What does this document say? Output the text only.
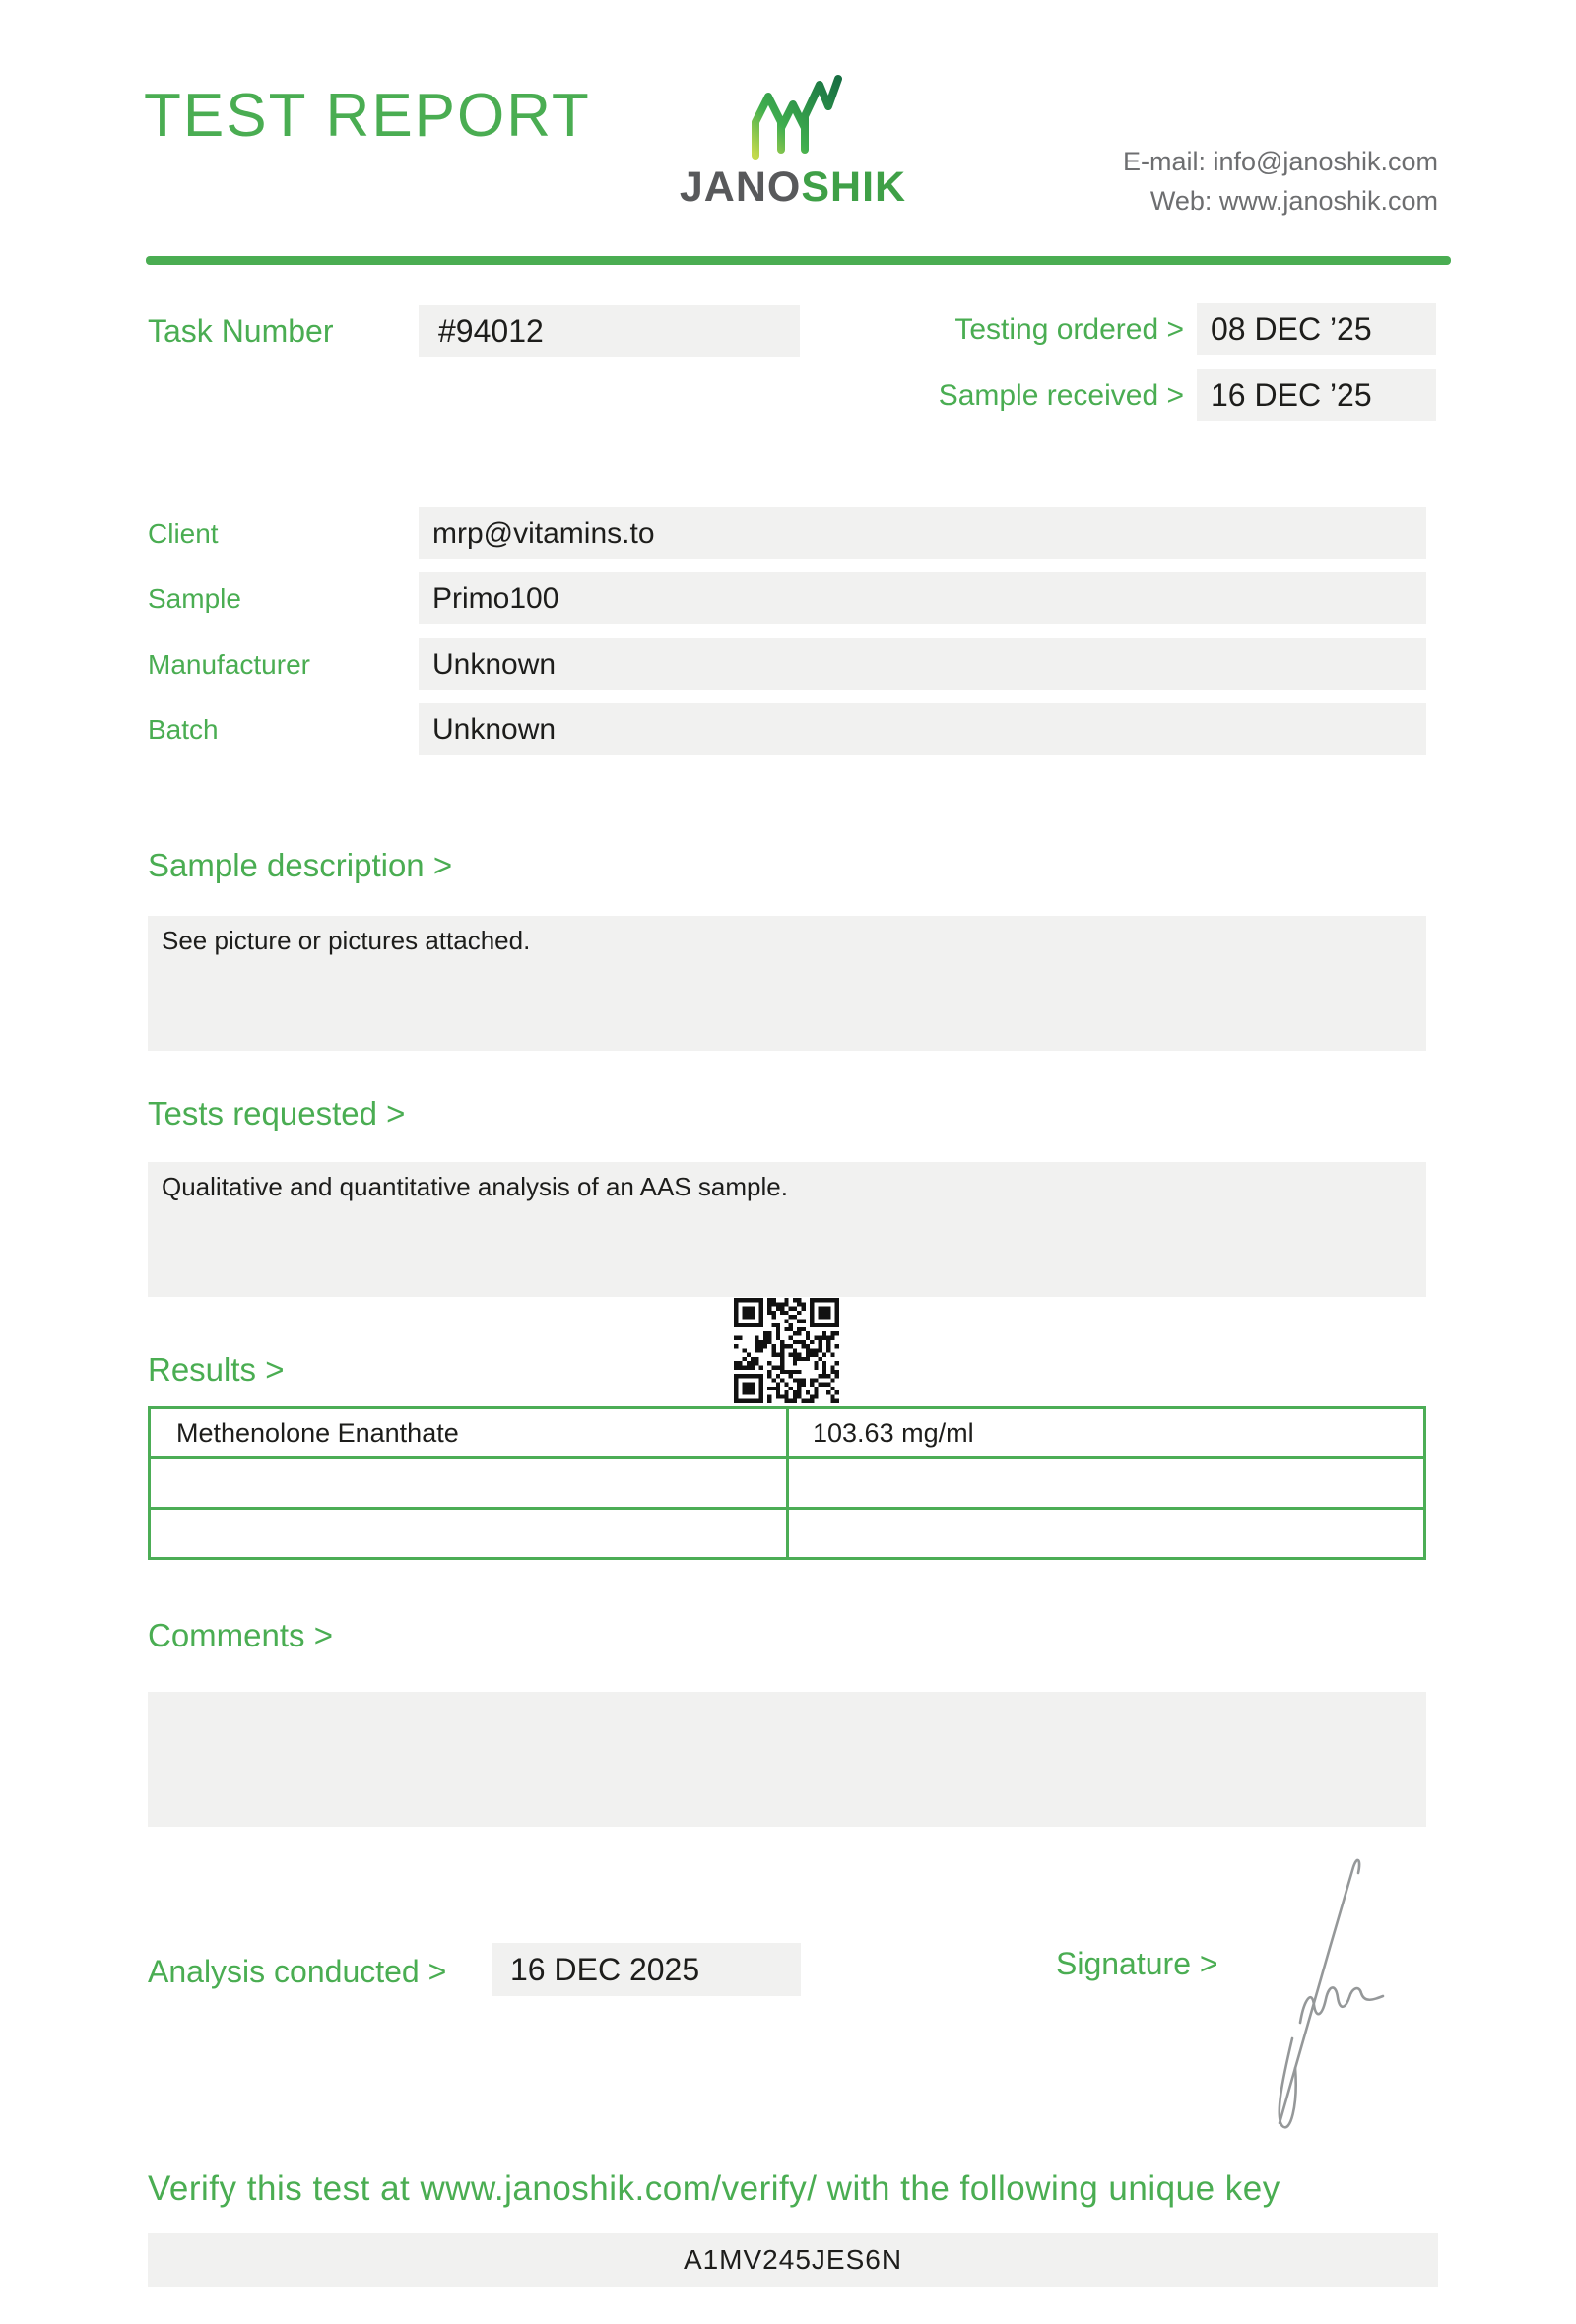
TEST REPORT
JANOSHIK
E-mail: info@janoshik.com
Web: www.janoshik.com
Task Number	#94012	Testing ordered > 08 DEC ’25
Sample received > 16 DEC ’25
Client	mrp@vitamins.to
Sample	Primo100
Manufacturer	Unknown
Batch	Unknown
Sample description >
See picture or pictures attached.
Tests requested >
Qualitative and quantitative analysis of an AAS sample.
Results >
Methenolone Enanthate	103.63 mg/ml

Comments >
Analysis conducted >	16 DEC 2025	Signature >
Verify this test at www.janoshik.com/verify/ with the following unique key
A1MV245JES6N
